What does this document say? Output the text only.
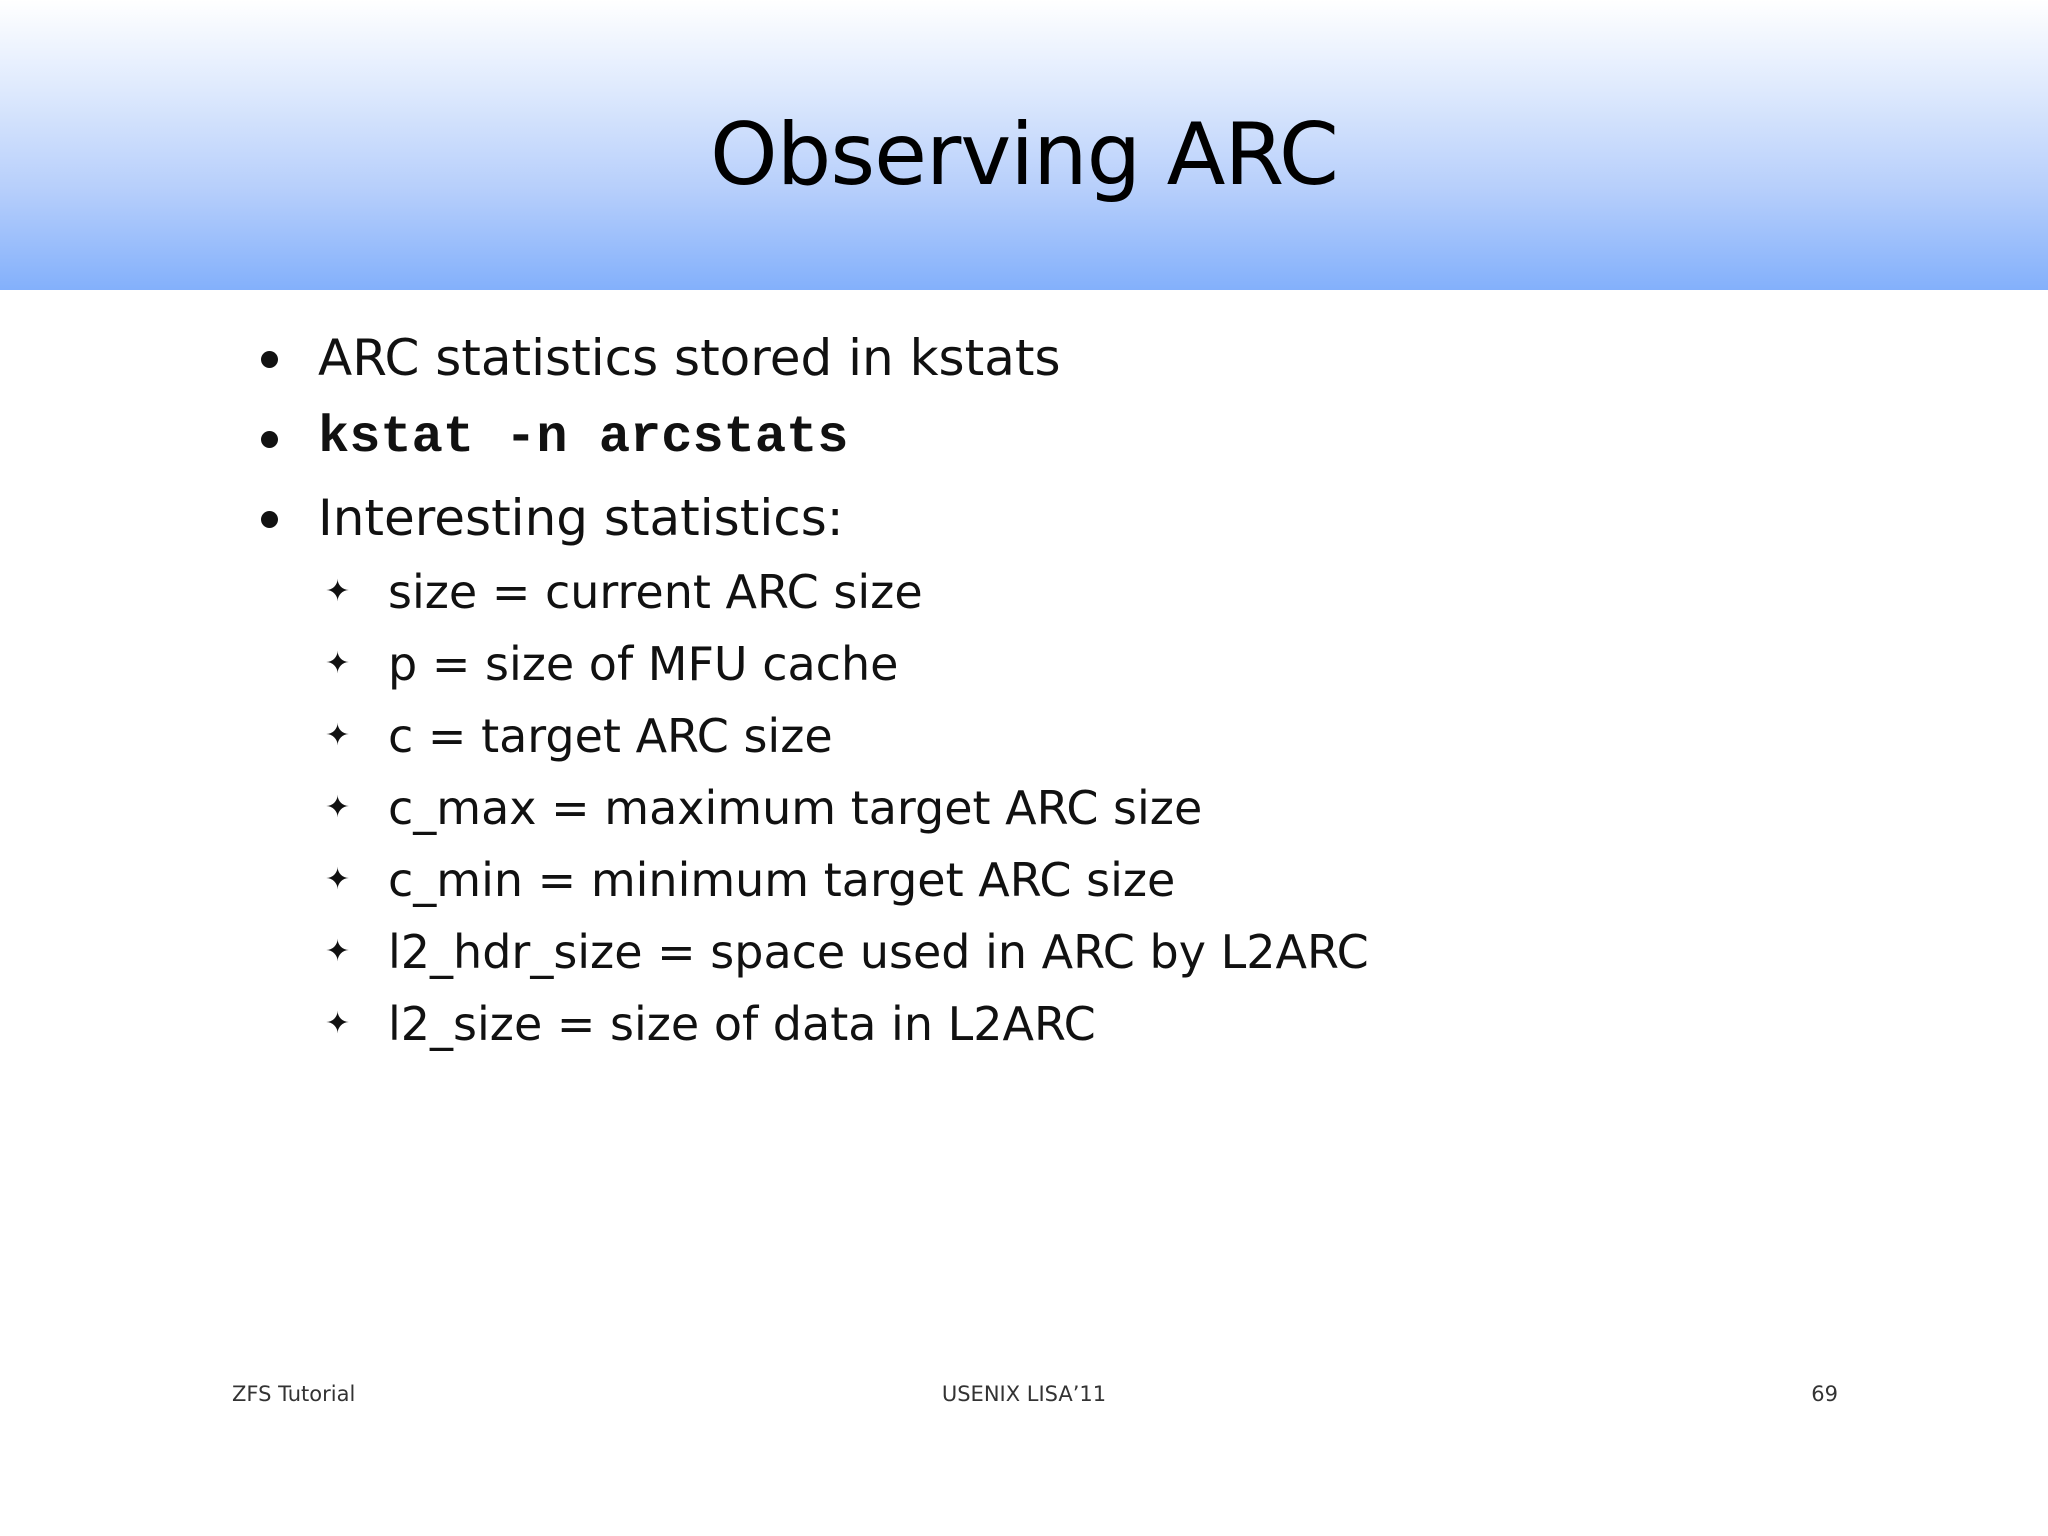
Observing ARC
ARC statistics stored in kstats
kstat -n arcstats
Interesting statistics:
✦ size = current ARC size
✦ p = size of MFU cache
✦ c = target ARC size
✦ c_max = maximum target ARC size
✦ c_min = minimum target ARC size
✦ l2_hdr_size = space used in ARC by L2ARC
✦ l2_size = size of data in L2ARC
ZFS Tutorial	USENIX LISA’11	69
